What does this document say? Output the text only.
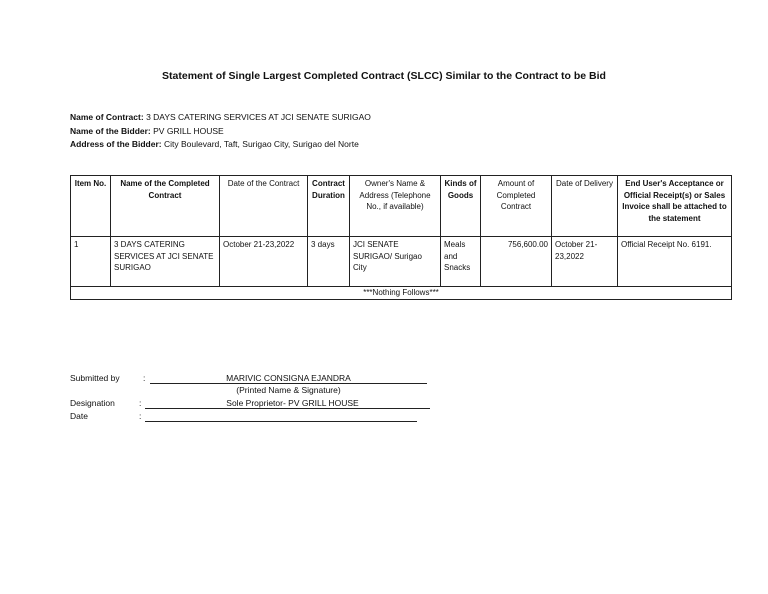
Statement of Single Largest Completed Contract (SLCC) Similar to the Contract to be Bid
Name of Contract: 3 DAYS CATERING SERVICES AT JCI SENATE SURIGAO
Name of the Bidder: PV GRILL HOUSE
Address of the Bidder: City Boulevard, Taft, Surigao City, Surigao del Norte
Item No.	Name of the Completed Contract	Date of the Contract	Contract Duration	Owner's Name & Address (Telephone No., if available)	Kinds of Goods	Amount of Completed Contract	Date of Delivery	End User's Acceptance or Official Receipt(s) or Sales Invoice shall be attached to the statement
1	3 DAYS CATERING SERVICES AT JCI SENATE SURIGAO	October 21-23,2022	3 days	JCI SENATE SURIGAO/ Surigao City	Meals and Snacks	756,600.00	October 21-23,2022	Official Receipt No. 6191.
***Nothing Follows***								
Submitted by	:	MARIVIC CONSIGNA EJANDRA
(Printed Name & Signature)
Designation	:	Sole Proprietor- PV GRILL HOUSE
Date	:
